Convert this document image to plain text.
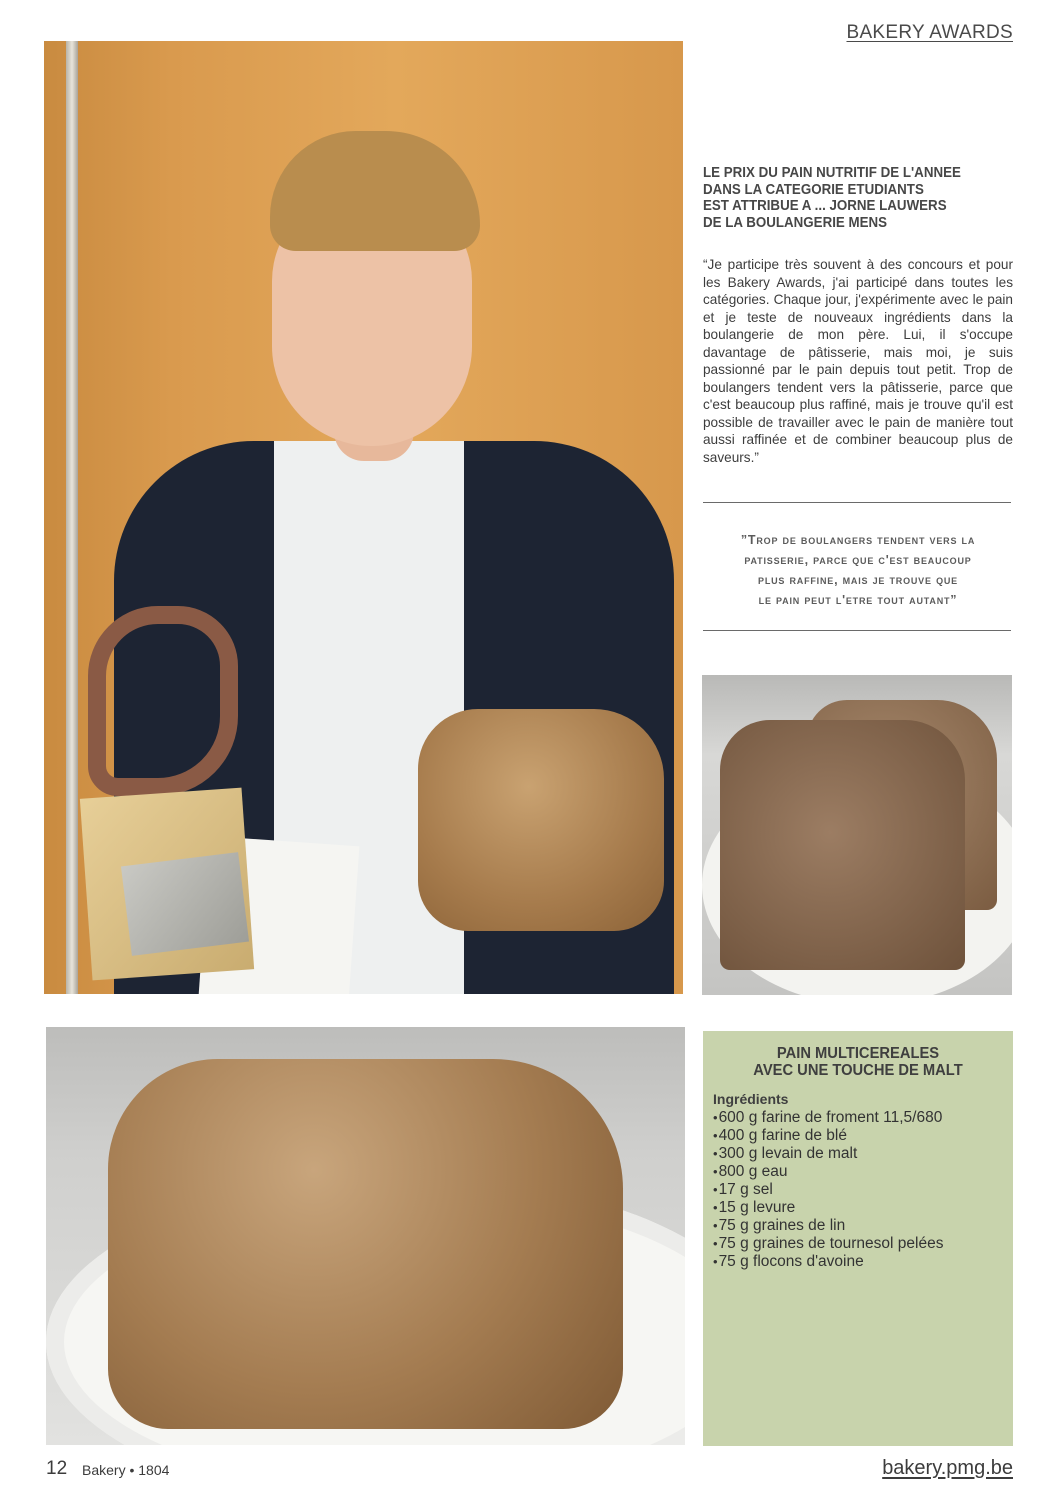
BAKERY AWARDS
LE PRIX DU PAIN NUTRITIF DE L'ANNEE
DANS LA CATEGORIE ETUDIANTS
EST ATTRIBUE A ... JORNE LAUWERS
DE LA BOULANGERIE MENS

“Je participe très souvent à des concours et pour les Bakery Awards, j'ai participé dans toutes les catégories. Chaque jour, j'expérimente avec le pain et je teste de nouveaux ingrédients dans la boulangerie de mon père. Lui, il s'occupe davantage de pâtisserie, mais moi, je suis passionné par le pain depuis tout petit. Trop de boulangers tendent vers la pâtisserie, parce que c'est beaucoup plus raffiné, mais je trouve qu'il est possible de travailler avec le pain de manière tout aussi raffinée et de combiner beaucoup plus de saveurs.”

”Trop de boulangers tendent vers la
patisserie, parce que c'est beaucoup
plus raffine, mais je trouve que
le pain peut l'etre tout autant”
PAIN MULTICEREALES
AVEC UNE TOUCHE DE MALT
Ingrédients
•600 g farine de froment 11,5/680
•400 g farine de blé
•300 g levain de malt
•800 g eau
•17 g sel
•15 g levure
•75 g graines de lin
•75 g graines de tournesol pelées
•75 g flocons d'avoine
12 Bakery • 1804	bakery.pmg.be
